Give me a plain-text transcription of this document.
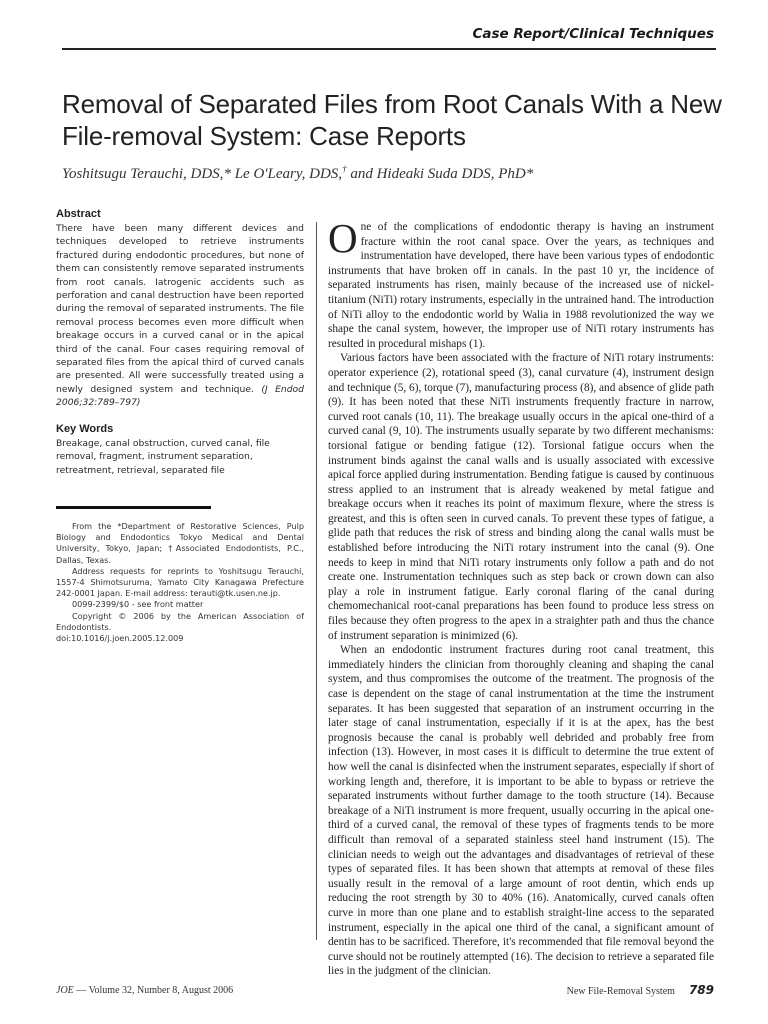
Case Report/Clinical Techniques
Removal of Separated Files from Root Canals With a New File-removal System: Case Reports
Yoshitsugu Terauchi, DDS,* Le O'Leary, DDS,† and Hideaki Suda DDS, PhD*
Abstract

There have been many different devices and techniques developed to retrieve instruments fractured during endodontic procedures, but none of them can consistently remove separated instruments from root canals. Iatrogenic accidents such as perforation and canal destruction have been reported during the removal of separated instruments. The file removal process becomes even more difficult when breakage occurs in a curved canal or in the apical third of the canal. Four cases requiring removal of separated files from the apical third of curved canals are presented. All were successfully treated using a newly designed system and technique. (J Endod 2006;32:789–797)

Key Words

Breakage, canal obstruction, curved canal, file removal, fragment, instrument separation, retreatment, retrieval, separated file

From the *Department of Restorative Sciences, Pulp Biology and Endodontics Tokyo Medical and Dental University, Tokyo, Japan; †Associated Endodontists, P.C., Dallas, Texas.

Address requests for reprints to Yoshitsugu Terauchi, 1557-4 Shimotsuruma, Yamato City Kanagawa Prefecture 242-0001 Japan. E-mail address: terauti@tk.usen.ne.jp.

0099-2399/$0 - see front matter

Copyright © 2006 by the American Association of Endodontists.

doi:10.1016/j.joen.2005.12.009

One of the complications of endodontic therapy is having an instrument fracture within the root canal space. Over the years, as techniques and instrumentation have developed, there have been various types of endodontic instruments that have broken off in canals. In the past 10 yr, the incidence of separated instruments has risen, mainly because of the increased use of nickel-titanium (NiTi) rotary instruments, especially in the untrained hand. The introduction of NiTi alloy to the endodontic world by Walia in 1988 revolutionized the way we shape the canal system, however, the improper use of NiTi rotary instruments has resulted in procedural mishaps (1).

Various factors have been associated with the fracture of NiTi rotary instruments: operator experience (2), rotational speed (3), canal curvature (4), instrument design and technique (5, 6), torque (7), manufacturing process (8), and absence of glide path (9). It has been noted that these NiTi instruments frequently fracture in narrow, curved root canals (10, 11). The breakage usually occurs in the apical one-third of a curved canal (9, 10). The instruments usually separate by two different mechanisms: torsional fatigue or bending fatigue (12). Torsional fatigue occurs when the instrument binds against the canal walls and is usually associated with excessive apical force applied during instrumentation. Bending fatigue is caused by continuous stress applied to an instrument that is already weakened by metal fatigue and breakage occurs when it reaches its point of maximum flexure, where the stress is greatest, and this is often seen in curved canals. To prevent these types of fatigue, a glide path that reduces the risk of stress and binding along the canal walls must be established before introducing the NiTi rotary instrument into the canal (9). One needs to keep in mind that NiTi rotary instruments only follow a path and do not create one. Instrumentation techniques such as step back or crown down can also play a role in instrument fatigue. Early coronal flaring of the canal during chemomechanical root-canal preparations has been found to produce less stress on files because they often progress to the apex in a straighter path and thus the chance of instrument separation is minimized (6).

When an endodontic instrument fractures during root canal treatment, this immediately hinders the clinician from thoroughly cleaning and shaping the canal system, and thus compromises the outcome of the treatment. The prognosis of the case is dependent on the stage of canal instrumentation at the time the instrument separates. It has been suggested that separation of an instrument occurring in the later stage of canal instrumentation, especially if it is at the apex, has the best prognosis because the canal is probably well debrided and probably free from infection (13). However, in most cases it is difficult to determine the true extent of how well the canal is disinfected when the instrument separates, especially if short of working length and, therefore, it is important to be able to bypass or retrieve the separated instruments without further damage to the tooth structure (14). Because breakage of a NiTi instrument is more frequent, usually occurring in the apical one-third of a curved canal, the removal of these types of fragments tends to be more difficult than removal of a separated stainless steel hand instrument (15). The clinician needs to weigh out the advantages and disadvantages of retrieval of these types of separated files. It has been shown that attempts at removal of these files usually result in the removal of a large amount of root dentin, which ends up reducing the root strength by 30 to 40% (16). Anatomically, curved canals often curve in more than one plane and to establish straight-line access to the separated instrument, especially in the apical one third of the canal, a significant amount of dentin has to be sacrificed. Therefore, it's recommended that file removal beyond the curve should not be routinely attempted (16). The decision to retrieve a separated file lies in the judgment of the clinician.

JOE — Volume 32, Number 8, August 2006	New File-Removal System 789
